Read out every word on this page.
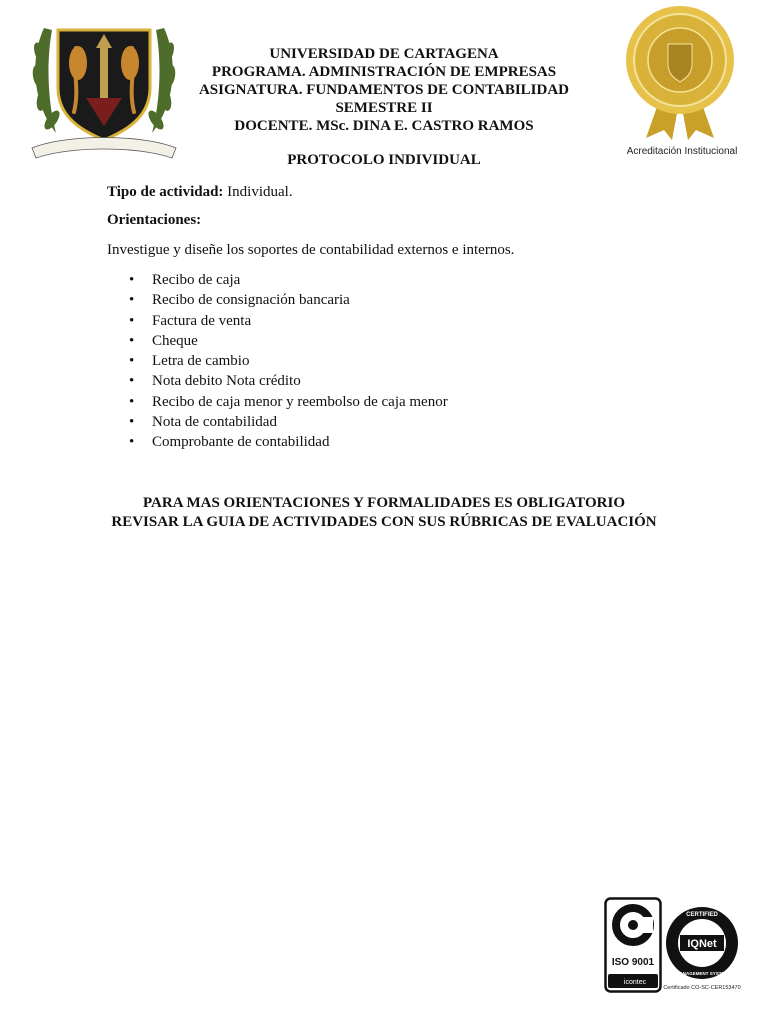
Acreditación Institucional
UNIVERSIDAD DE CARTAGENA
PROGRAMA. ADMINISTRACIÓN DE EMPRESAS
ASIGNATURA. FUNDAMENTOS DE CONTABILIDAD
SEMESTRE II
DOCENTE. MSc. DINA E. CASTRO RAMOS
PROTOCOLO INDIVIDUAL
Tipo de actividad: Individual.
Orientaciones:
Investigue y diseñe los soportes de contabilidad externos e internos.
• Recibo de caja
• Recibo de consignación bancaria
• Factura de venta
• Cheque
• Letra de cambio
• Nota debito Nota crédito
• Recibo de caja menor y reembolso de caja menor
• Nota de contabilidad
• Comprobante de contabilidad
PARA MAS ORIENTACIONES Y FORMALIDADES ES OBLIGATORIO
REVISAR LA GUIA DE ACTIVIDADES CON SUS RÚBRICAS DE EVALUACIÓN
ISO 9001
icontec
CERTIFIED
IQNet
MANAGEMENT SYSTEM
Certificado CO-SC-CER153470
